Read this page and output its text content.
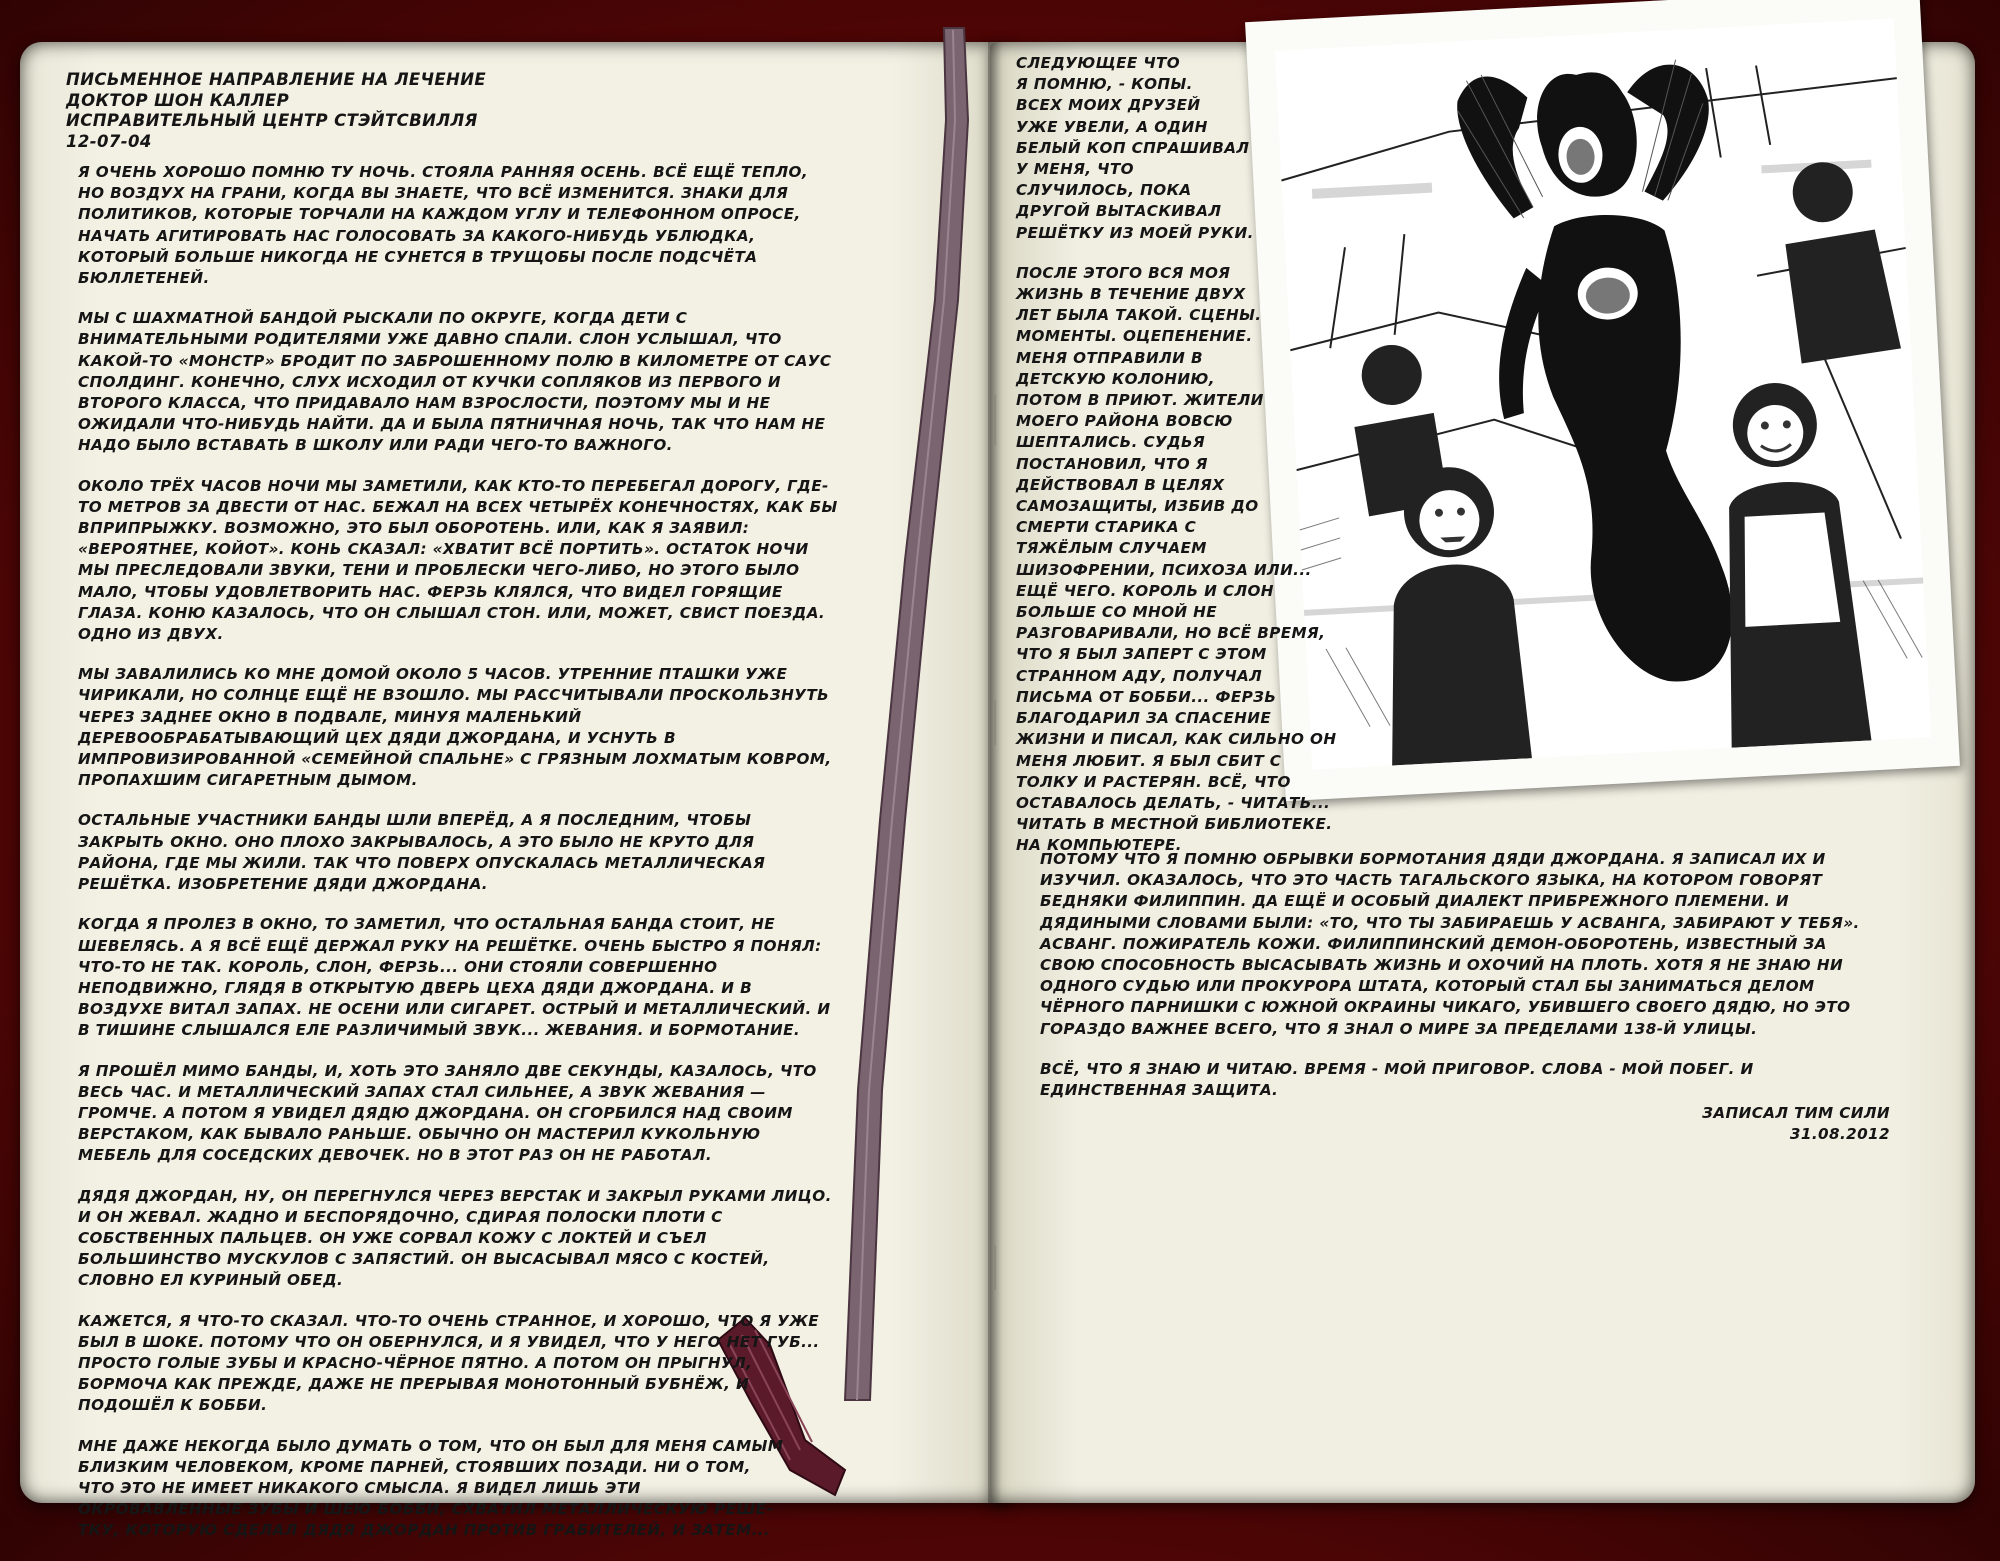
ПИСЬМЕННОЕ НАПРАВЛЕНИЕ НА ЛЕЧЕНИЕ
ДОКТОР ШОН КАЛЛЕР
ИСПРАВИТЕЛЬНЫЙ ЦЕНТР СТЭЙТСВИЛЛЯ
12-07-04

Я ОЧЕНЬ ХОРОШО ПОМНЮ ТУ НОЧЬ. СТОЯЛА РАННЯЯ ОСЕНЬ. ВСЁ ЕЩЁ ТЕПЛО, НО ВОЗДУХ НА ГРАНИ, КОГДА ВЫ ЗНАЕТЕ, ЧТО ВСЁ ИЗМЕНИТСЯ. ЗНАКИ ДЛЯ ПОЛИТИКОВ, КОТОРЫЕ ТОРЧАЛИ НА КАЖДОМ УГЛУ И ТЕЛЕФОННОМ ОПРОСЕ, НАЧАТЬ АГИТИРОВАТЬ НАС ГОЛОСОВАТЬ ЗА КАКОГО-НИБУДЬ УБЛЮДКА, КОТОРЫЙ БОЛЬШЕ НИКОГДА НЕ СУНЕТСЯ В ТРУЩОБЫ ПОСЛЕ ПОДСЧЁТА БЮЛЛЕТЕНЕЙ.

МЫ С ШАХМАТНОЙ БАНДОЙ РЫСКАЛИ ПО ОКРУГЕ, КОГДА ДЕТИ С ВНИМАТЕЛЬНЫМИ РОДИТЕЛЯМИ УЖЕ ДАВНО СПАЛИ. СЛОН УСЛЫШАЛ, ЧТО КАКОЙ-ТО «МОНСТР» БРОДИТ ПО ЗАБРОШЕННОМУ ПОЛЮ В КИЛОМЕТРЕ ОТ САУС СПОЛДИНГ. КОНЕЧНО, СЛУХ ИСХОДИЛ ОТ КУЧКИ СОПЛЯКОВ ИЗ ПЕРВОГО И ВТОРОГО КЛАССА, ЧТО ПРИДАВАЛО НАМ ВЗРОСЛОСТИ, ПОЭТОМУ МЫ И НЕ ОЖИДАЛИ ЧТО-НИБУДЬ НАЙТИ. ДА И БЫЛА ПЯТНИЧНАЯ НОЧЬ, ТАК ЧТО НАМ НЕ НАДО БЫЛО ВСТАВАТЬ В ШКОЛУ ИЛИ РАДИ ЧЕГО-ТО ВАЖНОГО.

ОКОЛО ТРЁХ ЧАСОВ НОЧИ МЫ ЗАМЕТИЛИ, КАК КТО-ТО ПЕРЕБЕГАЛ ДОРОГУ, ГДЕ-ТО МЕТРОВ ЗА ДВЕСТИ ОТ НАС. БЕЖАЛ НА ВСЕХ ЧЕТЫРЁХ КОНЕЧНОСТЯХ, КАК БЫ ВПРИПРЫЖКУ. ВОЗМОЖНО, ЭТО БЫЛ ОБОРОТЕНЬ. ИЛИ, КАК Я ЗАЯВИЛ: «ВЕРОЯТНЕЕ, КОЙОТ». КОНЬ СКАЗАЛ: «ХВАТИТ ВСЁ ПОРТИТЬ». ОСТАТОК НОЧИ МЫ ПРЕСЛЕДОВАЛИ ЗВУКИ, ТЕНИ И ПРОБЛЕСКИ ЧЕГО-ЛИБО, НО ЭТОГО БЫЛО МАЛО, ЧТОБЫ УДОВЛЕТВОРИТЬ НАС. ФЕРЗЬ КЛЯЛСЯ, ЧТО ВИДЕЛ ГОРЯЩИЕ ГЛАЗА. КОНЮ КАЗАЛОСЬ, ЧТО ОН СЛЫШАЛ СТОН. ИЛИ, МОЖЕТ, СВИСТ ПОЕЗДА. ОДНО ИЗ ДВУХ.

МЫ ЗАВАЛИЛИСЬ КО МНЕ ДОМОЙ ОКОЛО 5 ЧАСОВ. УТРЕННИЕ ПТАШКИ УЖЕ ЧИРИКАЛИ, НО СОЛНЦЕ ЕЩЁ НЕ ВЗОШЛО. МЫ РАССЧИТЫВАЛИ ПРОСКОЛЬЗНУТЬ ЧЕРЕЗ ЗАДНЕЕ ОКНО В ПОДВАЛЕ, МИНУЯ МАЛЕНЬКИЙ ДЕРЕВООБРАБАТЫВАЮЩИЙ ЦЕХ ДЯДИ ДЖОРДАНА, И УСНУТЬ В ИМПРОВИЗИРОВАННОЙ «СЕМЕЙНОЙ СПАЛЬНЕ» С ГРЯЗНЫМ ЛОХМАТЫМ КОВРОМ, ПРОПАХШИМ СИГАРЕТНЫМ ДЫМОМ.

ОСТАЛЬНЫЕ УЧАСТНИКИ БАНДЫ ШЛИ ВПЕРЁД, А Я ПОСЛЕДНИМ, ЧТОБЫ ЗАКРЫТЬ ОКНО. ОНО ПЛОХО ЗАКРЫВАЛОСЬ, А ЭТО БЫЛО НЕ КРУТО ДЛЯ РАЙОНА, ГДЕ МЫ ЖИЛИ. ТАК ЧТО ПОВЕРХ ОПУСКАЛАСЬ МЕТАЛЛИЧЕСКАЯ РЕШЁТКА. ИЗОБРЕТЕНИЕ ДЯДИ ДЖОРДАНА.

КОГДА Я ПРОЛЕЗ В ОКНО, ТО ЗАМЕТИЛ, ЧТО ОСТАЛЬНАЯ БАНДА СТОИТ, НЕ ШЕВЕЛЯСЬ. А Я ВСЁ ЕЩЁ ДЕРЖАЛ РУКУ НА РЕШЁТКЕ. ОЧЕНЬ БЫСТРО Я ПОНЯЛ: ЧТО-ТО НЕ ТАК. КОРОЛЬ, СЛОН, ФЕРЗЬ... ОНИ СТОЯЛИ СОВЕРШЕННО НЕПОДВИЖНО, ГЛЯДЯ В ОТКРЫТУЮ ДВЕРЬ ЦЕХА ДЯДИ ДЖОРДАНА. И В ВОЗДУХЕ ВИТАЛ ЗАПАХ. НЕ ОСЕНИ ИЛИ СИГАРЕТ. ОСТРЫЙ И МЕТАЛЛИЧЕСКИЙ. И В ТИШИНЕ СЛЫШАЛСЯ ЕЛЕ РАЗЛИЧИМЫЙ ЗВУК... ЖЕВАНИЯ. И БОРМОТАНИЕ.

Я ПРОШЁЛ МИМО БАНДЫ, И, ХОТЬ ЭТО ЗАНЯЛО ДВЕ СЕКУНДЫ, КАЗАЛОСЬ, ЧТО ВЕСЬ ЧАС. И МЕТАЛЛИЧЕСКИЙ ЗАПАХ СТАЛ СИЛЬНЕЕ, А ЗВУК ЖЕВАНИЯ — ГРОМЧЕ. А ПОТОМ Я УВИДЕЛ ДЯДЮ ДЖОРДАНА. ОН СГОРБИЛСЯ НАД СВОИМ ВЕРСТАКОМ, КАК БЫВАЛО РАНЬШЕ. ОБЫЧНО ОН МАСТЕРИЛ КУКОЛЬНУЮ МЕБЕЛЬ ДЛЯ СОСЕДСКИХ ДЕВОЧЕК. НО В ЭТОТ РАЗ ОН НЕ РАБОТАЛ.

ДЯДЯ ДЖОРДАН, НУ, ОН ПЕРЕГНУЛСЯ ЧЕРЕЗ ВЕРСТАК И ЗАКРЫЛ РУКАМИ ЛИЦО. И ОН ЖЕВАЛ. ЖАДНО И БЕСПОРЯДОЧНО, СДИРАЯ ПОЛОСКИ ПЛОТИ С СОБСТВЕННЫХ ПАЛЬЦЕВ. ОН УЖЕ СОРВАЛ КОЖУ С ЛОКТЕЙ И СЪЕЛ БОЛЬШИНСТВО МУСКУЛОВ С ЗАПЯСТИЙ. ОН ВЫСАСЫВАЛ МЯСО С КОСТЕЙ, СЛОВНО ЕЛ КУРИНЫЙ ОБЕД.

КАЖЕТСЯ, Я ЧТО-ТО СКАЗАЛ. ЧТО-ТО ОЧЕНЬ СТРАННОЕ, И ХОРОШО, ЧТО Я УЖЕ БЫЛ В ШОКЕ. ПОТОМУ ЧТО ОН ОБЕРНУЛСЯ, И Я УВИДЕЛ, ЧТО У НЕГО НЕТ ГУБ... ПРОСТО ГОЛЫЕ ЗУБЫ И КРАСНО-ЧЁРНОЕ ПЯТНО. А ПОТОМ ОН ПРЫГНУЛ, БОРМОЧА КАК ПРЕЖДЕ, ДАЖЕ НЕ ПРЕРЫВАЯ МОНОТОННЫЙ БУБНЁЖ, И ПОДОШЁЛ К БОББИ.

МНЕ ДАЖЕ НЕКОГДА БЫЛО ДУМАТЬ О ТОМ, ЧТО ОН БЫЛ ДЛЯ МЕНЯ САМЫМ
БЛИЗКИМ ЧЕЛОВЕКОМ, КРОМЕ ПАРНЕЙ, СТОЯВШИХ ПОЗАДИ. НИ О ТОМ,
ЧТО ЭТО НЕ ИМЕЕТ НИКАКОГО СМЫСЛА. Я ВИДЕЛ ЛИШЬ ЭТИ
ОКРОВАВЛЕННЫЕ ЗУБЫ И ШЕЮ БОББИ, СХВАТИЛ МЕТАЛЛИЧЕСКУЮ РЕШЕ-
ТКУ, КОТОРУЮ СДЕЛАЛ ДЯДЯ ДЖОРДАН ПРОТИВ ГРАБИТЕЛЕЙ, И ЗАТЕМ...

СЛЕДУЮЩЕЕ ЧТО
Я ПОМНЮ, - КОПЫ.
ВСЕХ МОИХ ДРУЗЕЙ
УЖЕ УВЕЛИ, А ОДИН
БЕЛЫЙ КОП СПРАШИВАЛ
У МЕНЯ, ЧТО
СЛУЧИЛОСЬ, ПОКА
ДРУГОЙ ВЫТАСКИВАЛ
РЕШЁТКУ ИЗ МОЕЙ РУКИ.

ПОСЛЕ ЭТОГО ВСЯ МОЯ
ЖИЗНЬ В ТЕЧЕНИЕ ДВУХ
ЛЕТ БЫЛА ТАКОЙ. СЦЕНЫ.
МОМЕНТЫ. ОЦЕПЕНЕНИЕ.
МЕНЯ ОТПРАВИЛИ В
ДЕТСКУЮ КОЛОНИЮ,
ПОТОМ В ПРИЮТ. ЖИТЕЛИ
МОЕГО РАЙОНА ВОВСЮ
ШЕПТАЛИСЬ. СУДЬЯ
ПОСТАНОВИЛ, ЧТО Я
ДЕЙСТВОВАЛ В ЦЕЛЯХ
САМОЗАЩИТЫ, ИЗБИВ ДО
СМЕРТИ СТАРИКА С
ТЯЖЁЛЫМ СЛУЧАЕМ
ШИЗОФРЕНИИ, ПСИХОЗА ИЛИ...
ЕЩЁ ЧЕГО. КОРОЛЬ И СЛОН
БОЛЬШЕ СО МНОЙ НЕ
РАЗГОВАРИВАЛИ, НО ВСЁ ВРЕМЯ,
ЧТО Я БЫЛ ЗАПЕРТ С ЭТОМ
СТРАННОМ АДУ, ПОЛУЧАЛ
ПИСЬМА ОТ БОББИ... ФЕРЗЬ
БЛАГОДАРИЛ ЗА СПАСЕНИЕ
ЖИЗНИ И ПИСАЛ, КАК СИЛЬНО ОН
МЕНЯ ЛЮБИТ. Я БЫЛ СБИТ С
ТОЛКУ И РАСТЕРЯН. ВСЁ, ЧТО
ОСТАВАЛОСЬ ДЕЛАТЬ, - ЧИТАТЬ...
ЧИТАТЬ В МЕСТНОЙ БИБЛИОТЕКЕ.
НА КОМПЬЮТЕРЕ.

ПОТОМУ ЧТО Я ПОМНЮ ОБРЫВКИ БОРМОТАНИЯ ДЯДИ ДЖОРДАНА. Я ЗАПИСАЛ ИХ И ИЗУЧИЛ. ОКАЗАЛОСЬ, ЧТО ЭТО ЧАСТЬ ТАГАЛЬСКОГО ЯЗЫКА, НА КОТОРОМ ГОВОРЯТ БЕДНЯКИ ФИЛИППИН. ДА ЕЩЁ И ОСОБЫЙ ДИАЛЕКТ ПРИБРЕЖНОГО ПЛЕМЕНИ. И ДЯДИНЫМИ СЛОВАМИ БЫЛИ: «ТО, ЧТО ТЫ ЗАБИРАЕШЬ У АСВАНГА, ЗАБИРАЮТ У ТЕБЯ». АСВАНГ. ПОЖИРАТЕЛЬ КОЖИ. ФИЛИППИНСКИЙ ДЕМОН-ОБОРОТЕНЬ, ИЗВЕСТНЫЙ ЗА СВОЮ СПОСОБНОСТЬ ВЫСАСЫВАТЬ ЖИЗНЬ И ОХОЧИЙ НА ПЛОТЬ. ХОТЯ Я НЕ ЗНАЮ НИ ОДНОГО СУДЬЮ ИЛИ ПРОКУРОРА ШТАТА, КОТОРЫЙ СТАЛ БЫ ЗАНИМАТЬСЯ ДЕЛОМ ЧЁРНОГО ПАРНИШКИ С ЮЖНОЙ ОКРАИНЫ ЧИКАГО, УБИВШЕГО СВОЕГО ДЯДЮ, НО ЭТО ГОРАЗДО ВАЖНЕЕ ВСЕГО, ЧТО Я ЗНАЛ О МИРЕ ЗА ПРЕДЕЛАМИ 138-Й УЛИЦЫ.

ВСЁ, ЧТО Я ЗНАЮ И ЧИТАЮ. ВРЕМЯ - МОЙ ПРИГОВОР. СЛОВА - МОЙ ПОБЕГ. И ЕДИНСТВЕННАЯ ЗАЩИТА.

ЗАПИСАЛ ТИМ СИЛИ
31.08.2012
